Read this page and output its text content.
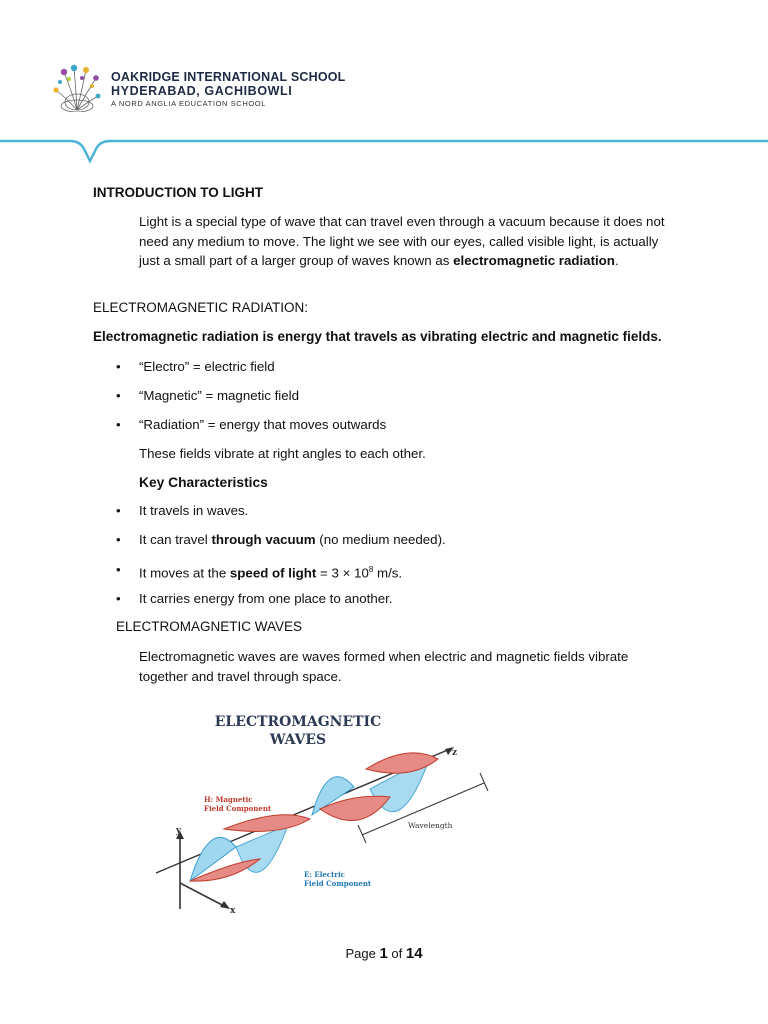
OAKRIDGE INTERNATIONAL SCHOOL
HYDERABAD, GACHIBOWLI
A NORD ANGLIA EDUCATION SCHOOL
INTRODUCTION TO LIGHT
Light is a special type of wave that can travel even through a vacuum because it does not need any medium to move. The light we see with our eyes, called visible light, is actually just a small part of a larger group of waves known as electromagnetic radiation.
ELECTROMAGNETIC RADIATION:
Electromagnetic radiation is energy that travels as vibrating electric and magnetic fields.
• “Electro” = electric field
• “Magnetic” = magnetic field
• “Radiation” = energy that moves outwards
These fields vibrate at right angles to each other.
Key Characteristics
• It travels in waves.
• It can travel through vacuum (no medium needed).
• It moves at the speed of light = $3 \times 10^8$ m/s.
• It carries energy from one place to another.
ELECTROMAGNETIC WAVES
Electromagnetic waves are waves formed when electric and magnetic fields vibrate together and travel through space.
ELECTROMAGNETIC
WAVES
y
x
z
Wavelength
H: Magnetic
Field Component
E: Electric
Field Component
Page 1 of 14
